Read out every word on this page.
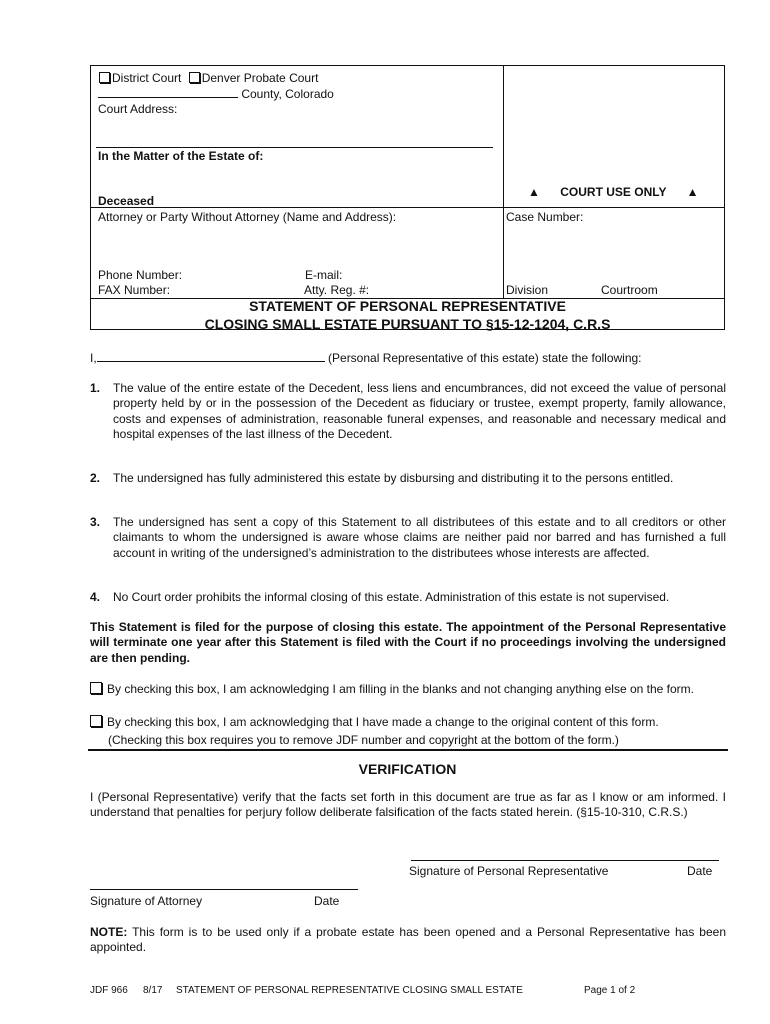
District Court Denver Probate Court
County, Colorado
Court Address:
In the Matter of the Estate of:
Deceased
▲ COURT USE ONLY ▲
Attorney or Party Without Attorney (Name and Address):	Case Number:
Phone Number:	E-mail:
FAX Number:	Atty. Reg. #:	Division	Courtroom
STATEMENT OF PERSONAL REPRESENTATIVE
CLOSING SMALL ESTATE PURSUANT TO §15-12-1204, C.R.S
I,	(Personal Representative of this estate) state the following:
1. The value of the entire estate of the Decedent, less liens and encumbrances, did not exceed the value of personal property held by or in the possession of the Decedent as fiduciary or trustee, exempt property, family allowance, costs and expenses of administration, reasonable funeral expenses, and reasonable and necessary medical and hospital expenses of the last illness of the Decedent.
2. The undersigned has fully administered this estate by disbursing and distributing it to the persons entitled.
3. The undersigned has sent a copy of this Statement to all distributees of this estate and to all creditors or other claimants to whom the undersigned is aware whose claims are neither paid nor barred and has furnished a full account in writing of the undersigned’s administration to the distributees whose interests are affected.
4. No Court order prohibits the informal closing of this estate. Administration of this estate is not supervised.
This Statement is filed for the purpose of closing this estate. The appointment of the Personal Representative will terminate one year after this Statement is filed with the Court if no proceedings involving the undersigned are then pending.
By checking this box, I am acknowledging I am filling in the blanks and not changing anything else on the form.
By checking this box, I am acknowledging that I have made a change to the original content of this form.
(Checking this box requires you to remove JDF number and copyright at the bottom of the form.)
VERIFICATION
I (Personal Representative) verify that the facts set forth in this document are true as far as I know or am informed. I understand that penalties for perjury follow deliberate falsification of the facts stated herein. (§15-10-310, C.R.S.)
Signature of Personal Representative	Date
Signature of Attorney	Date
NOTE: This form is to be used only if a probate estate has been opened and a Personal Representative has been appointed.
JDF 966 8/17 STATEMENT OF PERSONAL REPRESENTATIVE CLOSING SMALL ESTATE	Page 1 of 2
